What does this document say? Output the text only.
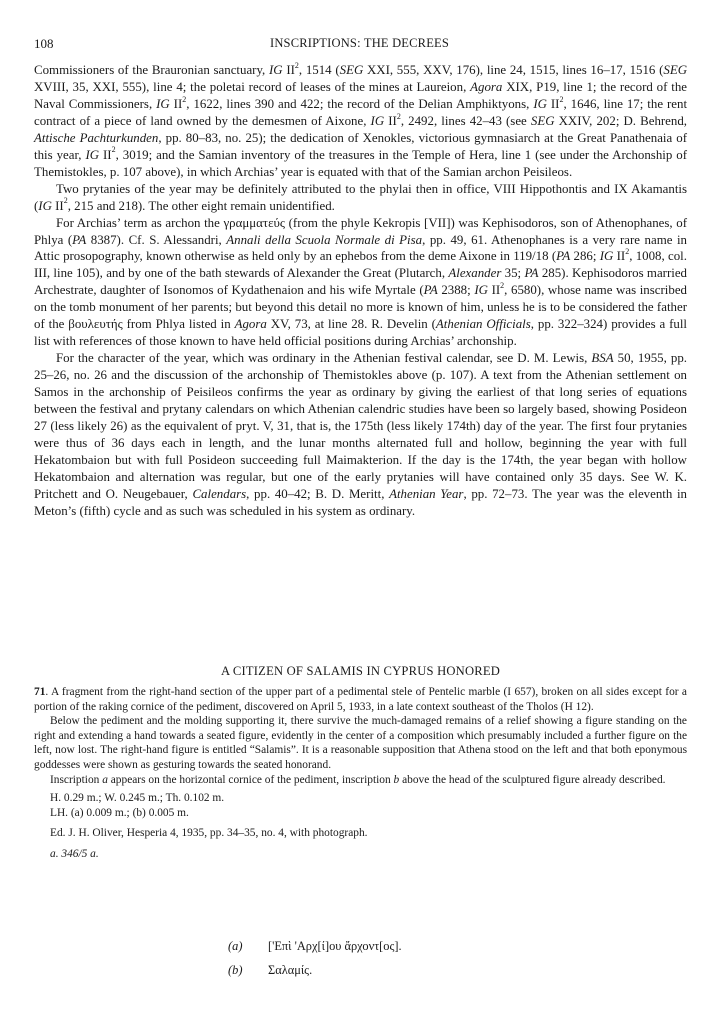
108	INSCRIPTIONS: THE DECREES

Commissioners of the Brauronian sanctuary, IG $II^2$, 1514 (SEG XXI, 555, XXV, 176), line 24, 1515, lines 16–17, 1516 (SEG XVIII, 35, XXI, 555), line 4; the poletai record of leases of the mines at Laureion, Agora XIX, P19, line 1; the record of the Naval Commissioners, IG $II^2$, 1622, lines 390 and 422; the record of the Delian Amphiktyons, IG $II^2$, 1646, line 17; the rent contract of a piece of land owned by the demesmen of Aixone, IG $II^2$, 2492, lines 42–43 (see SEG XXIV, 202; D. Behrend, Attische Pachturkunden, pp. 80–83, no. 25); the dedication of Xenokles, victorious gymnasiarch at the Great Panathenaia of this year, IG $II^2$, 3019; and the Samian inventory of the treasures in the Temple of Hera, line 1 (see under the Archonship of Themistokles, p. 107 above), in which Archias’ year is equated with that of the Samian archon Peisileos.

Two prytanies of the year may be definitely attributed to the phylai then in office, VIII Hippothontis and IX Akamantis (IG $II^2$, 215 and 218). The other eight remain unidentified.

For Archias’ term as archon the γραμματεύς (from the phyle Kekropis [VII]) was Kephisodoros, son of Athenophanes, of Phlya (PA 8387). Cf. S. Alessandri, Annali della Scuola Normale di Pisa, pp. 49, 61. Athenophanes is a very rare name in Attic prosopography, known otherwise as held only by an ephebos from the deme Aixone in 119/18 (PA 286; IG $II^2$, 1008, col. III, line 105), and by one of the bath stewards of Alexander the Great (Plutarch, Alexander 35; PA 285). Kephisodoros married Archestrate, daughter of Isonomos of Kydathenaion and his wife Myrtale (PA 2388; IG $II^2$, 6580), whose name was inscribed on the tomb monument of her parents; but beyond this detail no more is known of him, unless he is to be considered the father of the βουλευτής from Phlya listed in Agora XV, 73, at line 28. R. Develin (Athenian Officials, pp. 322–324) provides a full list with references of those known to have held official positions during Archias’ archonship.

For the character of the year, which was ordinary in the Athenian festival calendar, see D. M. Lewis, BSA 50, 1955, pp. 25–26, no. 26 and the discussion of the archonship of Themistokles above (p. 107). A text from the Athenian settlement on Samos in the archonship of Peisileos confirms the year as ordinary by giving the earliest of that long series of equations between the festival and prytany calendars on which Athenian calendric studies have been so largely based, showing Posideon 27 (less likely 26) as the equivalent of pryt. V, 31, that is, the 175th (less likely 174th) day of the year. The first four prytanies were thus of 36 days each in length, and the lunar months alternated full and hollow, beginning the year with full Hekatombaion but with full Posideon succeeding full Maimakterion. If the day is the 174th, the year began with hollow Hekatombaion and alternation was regular, but one of the early prytanies will have contained only 35 days. See W. K. Pritchett and O. Neugebauer, Calendars, pp. 40–42; B. D. Meritt, Athenian Year, pp. 72–73. The year was the eleventh in Meton’s (fifth) cycle and as such was scheduled in his system as ordinary.

A CITIZEN OF SALAMIS IN CYPRUS HONORED

71. A fragment from the right-hand section of the upper part of a pedimental stele of Pentelic marble (I 657), broken on all sides except for a portion of the raking cornice of the pediment, discovered on April 5, 1933, in a late context southeast of the Tholos (H 12).

Below the pediment and the molding supporting it, there survive the much-damaged remains of a relief showing a figure standing on the right and extending a hand towards a seated figure, evidently in the center of a composition which presumably included a further figure on the left, now lost. The right-hand figure is entitled “Salamis”. It is a reasonable supposition that Athena stood on the left and that both eponymous goddesses were shown as gesturing towards the seated honorand.

Inscription a appears on the horizontal cornice of the pediment, inscription b above the head of the sculptured figure already described.

H. 0.29 m.; W. 0.245 m.; Th. 0.102 m.
LH. (a) 0.009 m.; (b) 0.005 m.
Ed. J. H. Oliver, Hesperia 4, 1935, pp. 34–35, no. 4, with photograph.
a. 346/5 a.
(a)	['Επὶ 'Αρχ[ί]ου ἄρχοντ[ος].
(b)	Σαλαμίς.
